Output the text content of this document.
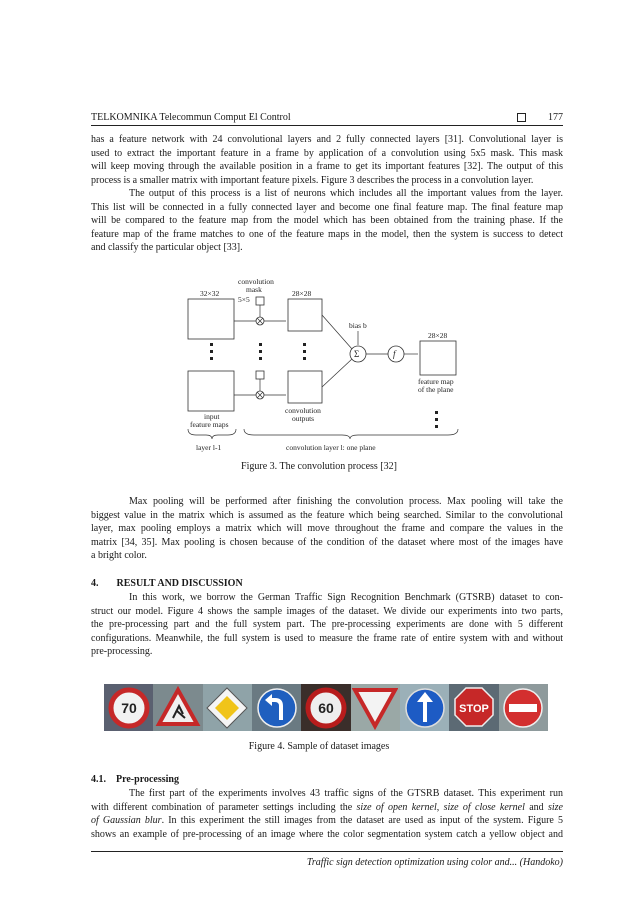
TELKOMNIKA Telecommun Comput El Control	177
has a feature network with 24 convolutional layers and 2 fully connected layers [31]. Convolutional layer is
used to extract the important feature in a frame by application of a convolution using 5x5 mask. This mask
will keep moving through the available position in a frame to get its important features [32]. The output of this
process is a smaller matrix with important feature pixels. Figure 3 describes the process in a convolution layer.
The output of this process is a list of neurons which includes all the important values from the layer.
This list will be connected in a fully connected layer and become one final feature map. The final feature map
will be compared to the feature map from the model which has been obtained from the training phase. If the
feature map of the frame matches to one of the feature maps in the model, then the system is success to detect
and classify the particular object [33].
32×32
convolution
mask
5×5
28×28
bias b
Σ	f
28×28
feature map
of the plane
input
feature maps
convolution
outputs
layer l-1	convolution layer l: one plane
Figure 3. The convolution process [32]
Max pooling will be performed after finishing the convolution process. Max pooling will take the
biggest value in the matrix which is assumed as the feature which being searched. Similar to the convolutional
layer, max pooling employs a matrix which will move throughout the frame and compare the values in the
matrix [34, 35]. Max pooling is chosen because of the condition of the dataset where most of the images have
a bright color.
4. RESULT AND DISCUSSION
In this work, we borrow the German Traffic Sign Recognition Benchmark (GTSRB) dataset to con-
struct our model. Figure 4 shows the sample images of the dataset. We divide our experiments into two parts,
the pre-processing part and the full system part. The pre-processing experiments are done with 5 different
configurations. Meanwhile, the full system is used to measure the frame rate of entire system with and without
pre-processing.
70	60	STOP
Figure 4. Sample of dataset images
4.1. Pre-processing
The first part of the experiments involves 43 traffic signs of the GTSRB dataset. This experiment run
with different combination of parameter settings including the size of open kernel, size of close kernel and size
of Gaussian blur. In this experiment the still images from the dataset are used as input of the system. Figure 5
shows an example of pre-processing of an image where the color segmentation system catch a yellow object and
Traffic sign detection optimization using color and... (Handoko)
